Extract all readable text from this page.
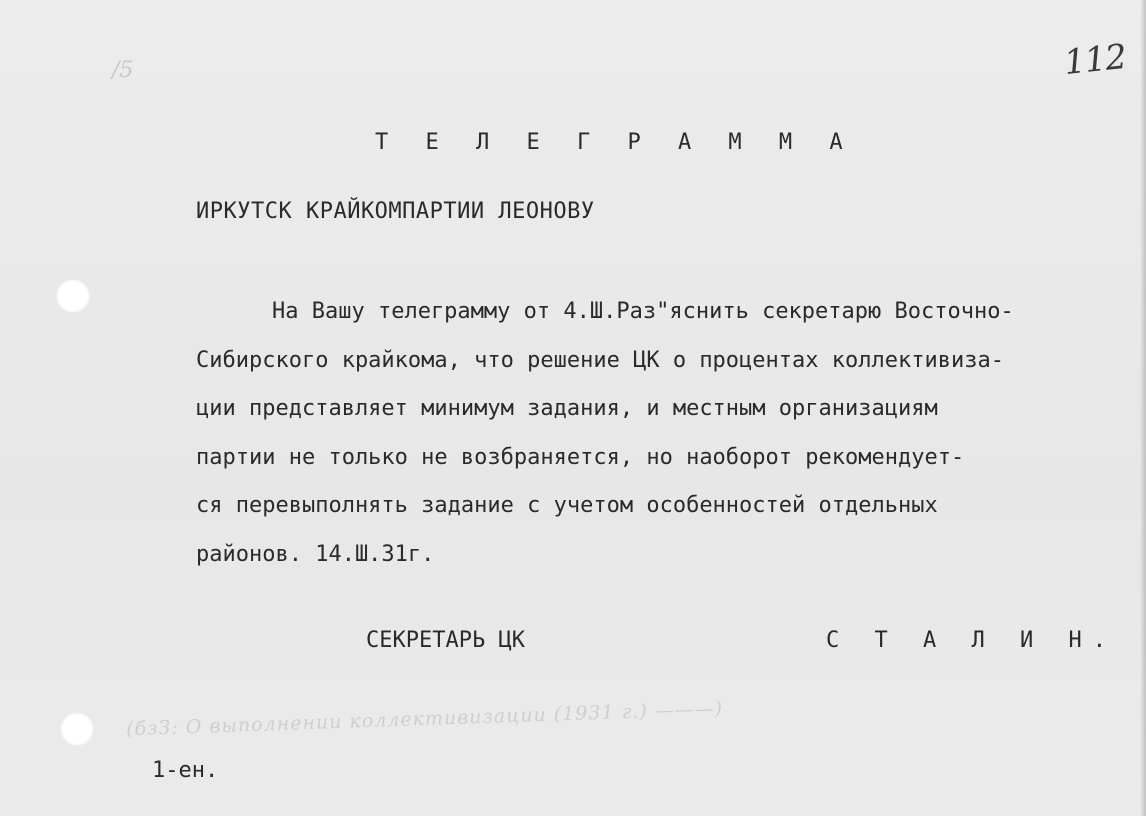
/5	112
Т Е Л Е Г Р А М М А
ИРКУТСК КРАЙКОМПАРТИИ ЛЕОНОВУ
На Вашу телеграмму от 4.Ш.Раз"яснить секретарю Восточно-
Сибирского крайкома, что решение ЦК о процентах коллективиза-
ции представляет минимум задания, и местным организациям
партии не только не возбраняется, но наоборот рекомендует-
ся перевыполнять задание с учетом особенностей отдельных
районов. 14.Ш.31г.
СЕКРЕТАРЬ ЦК	С Т А Л И Н.
(бзЗ: О выполнении коллективизации (1931 г.) ———)
1-ен.
